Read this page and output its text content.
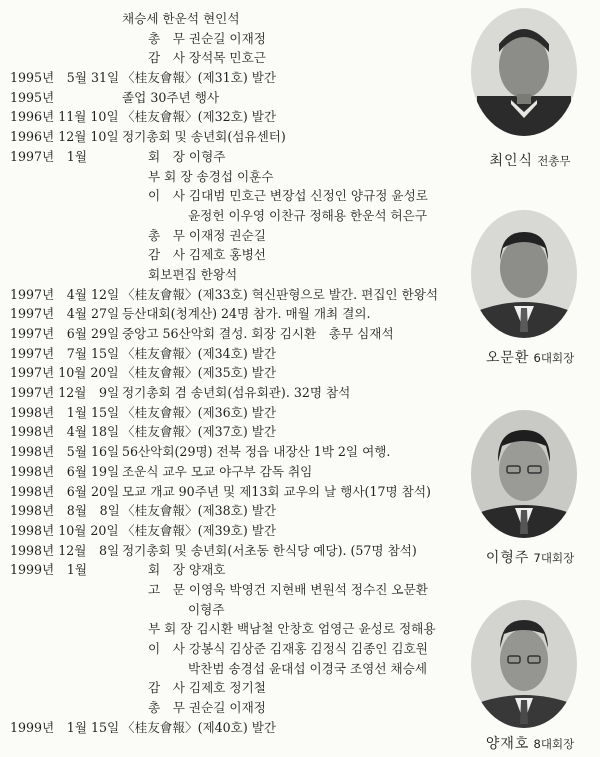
채승세 한운석 현인석
총　무 권순길 이재정
감　사 장석목 민호근
1995년　5월 31일 〈桂友會報〉(제31호) 발간
1995년	졸업 30주년 행사
1996년 11월 10일 〈桂友會報〉(제32호) 발간
1996년 12월 10일 정기총회 및 송년회(섬유센터)
1997년　1월	회　장 이형주
부 회 장 송경섭 이훈수
이　사 김대범 민호근 변장섭 신정인 양규정 윤성로
윤정헌 이우영 이찬규 정해용 한운석 허은구
총　무 이재정 권순길
감　사 김제호 홍병선
회보편집 한왕석
1997년　4월 12일 〈桂友會報〉(제33호) 혁신판형으로 발간. 편집인 한왕석
1997년　4월 27일 등산대회(청계산) 24명 참가. 매월 개최 결의.
1997년　6월 29일 중앙고 56산악회 결성. 회장 김시환　총무 심재석
1997년　7월 15일 〈桂友會報〉(제34호) 발간
1997년 10월 20일 〈桂友會報〉(제35호) 발간
1997년 12월　9일 정기총회 겸 송년회(섬유회관). 32명 참석
1998년　1월 15일 〈桂友會報〉(제36호) 발간
1998년　4월 18일 〈桂友會報〉(제37호) 발간
1998년　5월 16일 56산악회(29명) 전북 정읍 내장산 1박 2일 여행.
1998년　6월 19일 조운식 교우 모교 야구부 감독 취임
1998년　6월 20일 모교 개교 90주년 및 제13회 교우의 날 행사(17명 참석)
1998년　8월　8일 〈桂友會報〉(제38호) 발간
1998년 10월 20일 〈桂友會報〉(제39호) 발간
1998년 12월　8일 정기총회 및 송년회(서초동 한식당 예당). (57명 참석)
1999년　1월	회　장 양재호
고　문 이영욱 박영건 지현배 변원석 정수진 오문환
이형주
부 회 장 김시환 백남철 안창호 엄영근 윤성로 정해용
이　사 강봉식 김상준 김재홍 김정식 김종인 김호원
박찬범 송경섭 윤대섭 이경국 조영선 채승세
감　사 김제호 정기철
총　무 권순길 이재정
1999년　1월 15일 〈桂友會報〉(제40호) 발간
최인식 전총무
오문환 6대회장
이형주 7대회장
양재호 8대회장
